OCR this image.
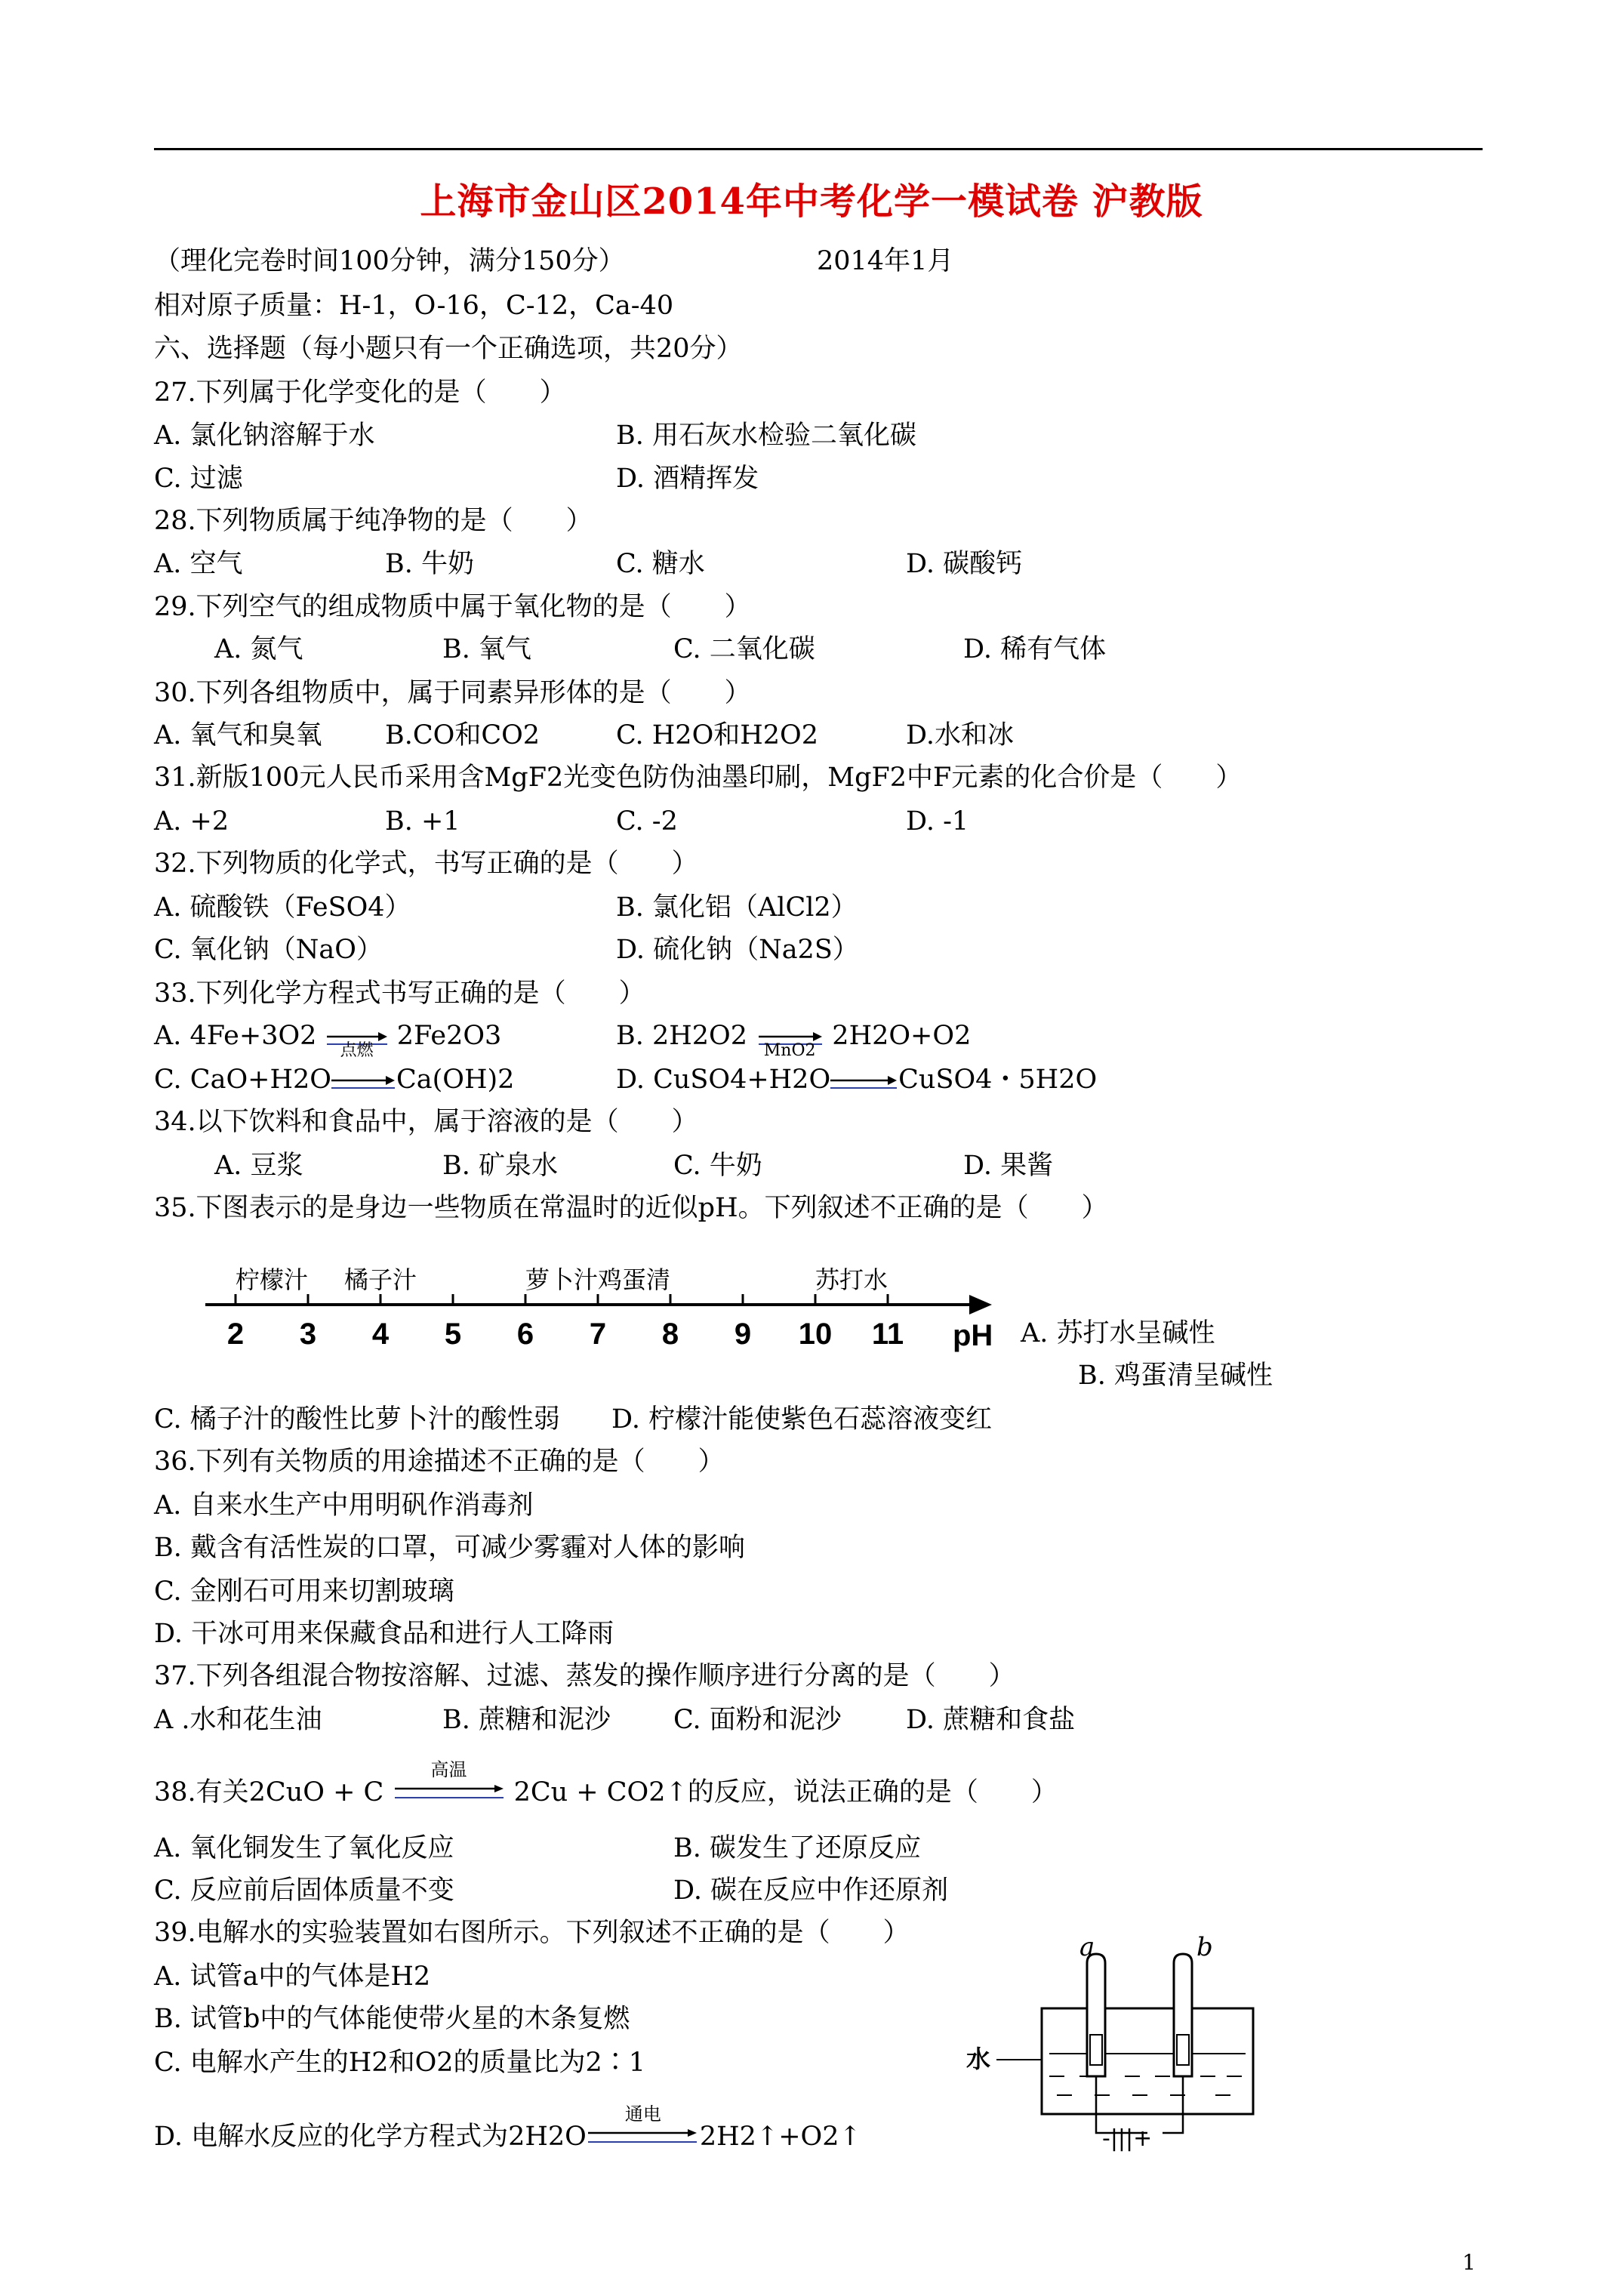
上海市金山区2014年中考化学一模试卷 沪教版
（理化完卷时间100分钟，满分150分）	2014年1月
相对原子质量：H-1，O-16，C-12，Ca-40
六、选择题（每小题只有一个正确选项，共20分）
27.下列属于化学变化的是（　　）
A. 氯化钠溶解于水	B. 用石灰水检验二氧化碳
C. 过滤	D. 酒精挥发
28.下列物质属于纯净物的是（　　）
A. 空气	B. 牛奶	C. 糖水	D. 碳酸钙
29.下列空气的组成物质中属于氧化物的是（　　）
A. 氮气	B. 氧气	C. 二氧化碳	D. 稀有气体
30.下列各组物质中，属于同素异形体的是（　　）
A. 氧气和臭氧 B.CO和CO2	C. H2O和H2O2	D.水和冰
31.新版100元人民币采用含MgF2光变色防伪油墨印刷，MgF2中F元素的化合价是（　　）
A. +2	B. +1	C. -2	D. -1
32.下列物质的化学式，书写正确的是（　　）
A. 硫酸铁（FeSO4）	B. 氯化铝（AlCl2）
C. 氧化钠（NaO）	D. 硫化钠（Na2S）
33.下列化学方程式书写正确的是（　　）
A. 4Fe+3O2	点燃 2Fe2O3	B. 2H2O2 MnO2 2H2O+O2
C. CaO+H2O Ca(OH)2	D. CuSO4+H2O	CuSO4・5H2O
34.以下饮料和食品中，属于溶液的是（　　）
A. 豆浆	B. 矿泉水	C. 牛奶	D. 果酱
35.下图表示的是身边一些物质在常温时的近似pH。下列叙述不正确的是（　　）
2 3 4 5 6 7 8 9 10 11
柠檬汁 橘子汁	萝卜汁 鸡蛋清	苏打水
pH A. 苏打水呈碱性
B. 鸡蛋清呈碱性
C. 橘子汁的酸性比萝卜汁的酸性弱 D. 柠檬汁能使紫色石蕊溶液变红
36.下列有关物质的用途描述不正确的是（　　）
A. 自来水生产中用明矾作消毒剂
B. 戴含有活性炭的口罩，可减少雾霾对人体的影响
C. 金刚石可用来切割玻璃
D. 干冰可用来保藏食品和进行人工降雨
37.下列各组混合物按溶解、过滤、蒸发的操作顺序进行分离的是（　　）
A .水和花生油	B. 蔗糖和泥沙 C. 面粉和泥沙 D. 蔗糖和食盐
38.有关2CuO + C
高温
2Cu + CO2↑的反应，说法正确的是（　　）
A. 氧化铜发生了氧化反应	B. 碳发生了还原反应
C. 反应前后固体质量不变	D. 碳在反应中作还原剂
39.电解水的实验装置如右图所示。下列叙述不正确的是（　　）
A. 试管a中的气体是H2
B. 试管b中的气体能使带火星的木条复燃
C. 电解水产生的H2和O2的质量比为2∶1
D. 电解水反应的化学方程式为2H2O
通电
2H2↑+O2↑
水
a	b
-|||+
1
